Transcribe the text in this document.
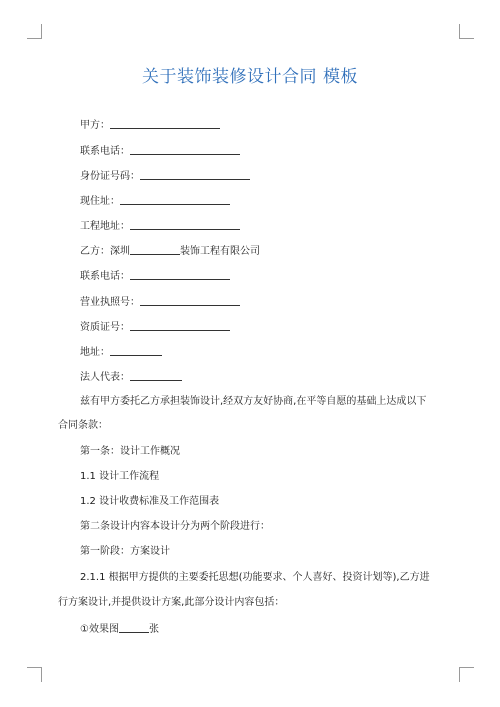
关于装饰装修设计合同 模板
甲方：
联系电话：
身份证号码：
现住址：
工程地址：
乙方：深圳	装饰工程有限公司
联系电话：
营业执照号：
资质证号：
地址：
法人代表：
兹有甲方委托乙方承担装饰设计,经双方友好协商,在平等自愿的基础上达成以下
合同条款：
第一条：设计工作概况
1.1 设计工作流程
1.2 设计收费标准及工作范围表
第二条设计内容本设计分为两个阶段进行：
第一阶段：方案设计
2.1.1 根据甲方提供的主要委托思想(功能要求、个人喜好、投资计划等),乙方进
行方案设计,并提供设计方案,此部分设计内容包括：
①效果图	张
